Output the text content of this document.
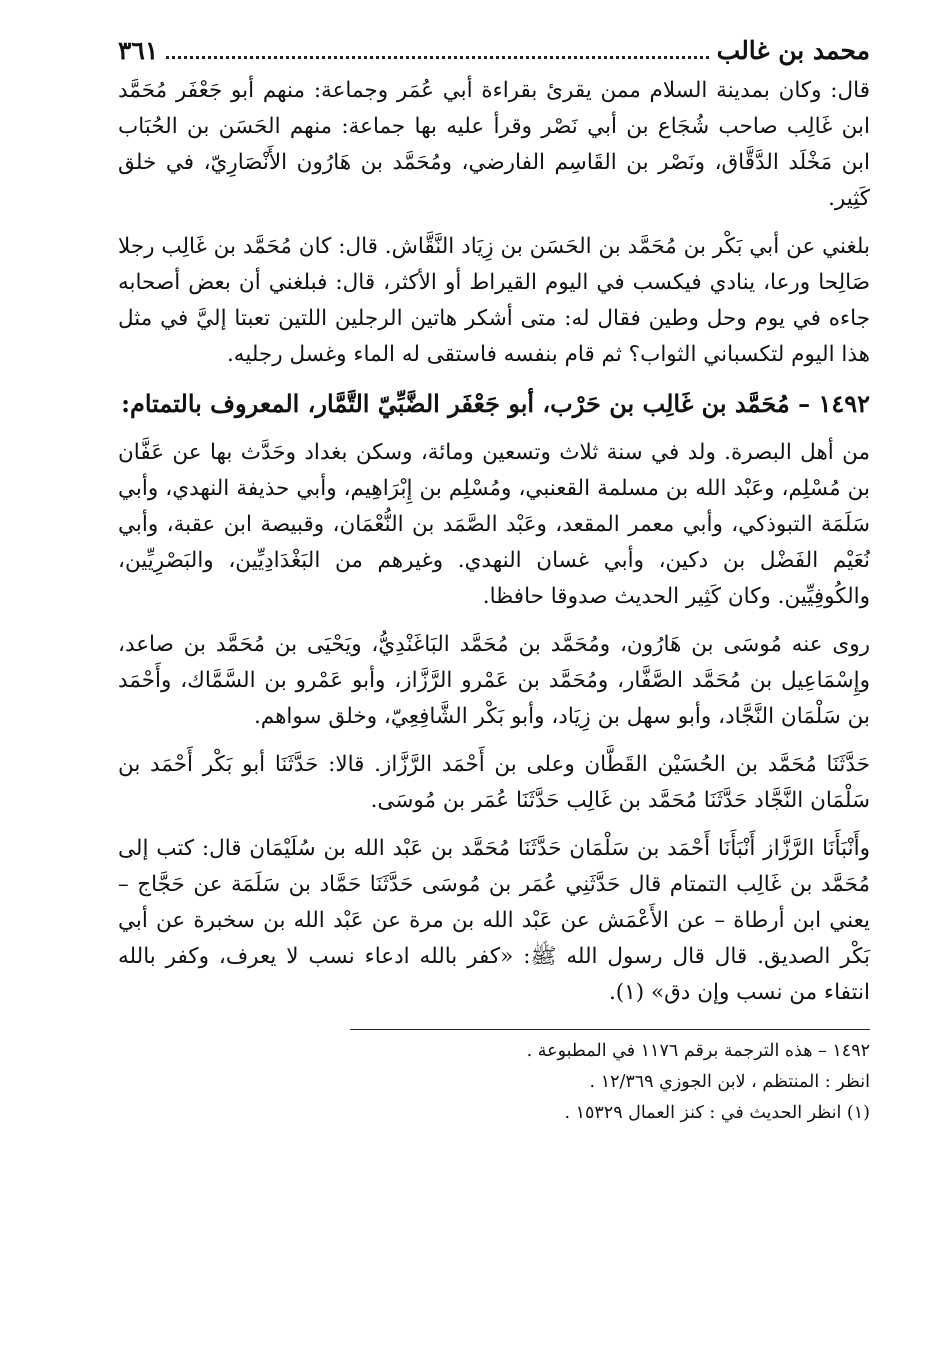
محمد بن غالب
٣٦١

قال: وكان بمدينة السلام ممن يقرئ بقراءة أبي عُمَر وجماعة: منهم أبو جَعْفَر مُحَمَّد ابن غَالِب صاحب شُجَاع بن أبي نَصْر وقرأ عليه بها جماعة: منهم الحَسَن بن الحُبَاب ابن مَخْلَد الدَّقَّاق، ونَصْر بن القَاسِم الفارضي، ومُحَمَّد بن هَارُون الأَنْصَارِيّ، في خلق كَثِير.

بلغني عن أبي بَكْر بن مُحَمَّد بن الحَسَن بن زِيَاد النَّقَّاش. قال: كان مُحَمَّد بن غَالِب رجلا صَالِحا ورعا، ينادي فيكسب في اليوم القيراط أو الأكثر، قال: فبلغني أن بعض أصحابه جاءه في يوم وحل وطين فقال له: متى أشكر هاتين الرجلين اللتين تعبتا إليَّ في مثل هذا اليوم لتكسباني الثواب؟ ثم قام بنفسه فاستقى له الماء وغسل رجليه.

١٤٩٢ – مُحَمَّد بن غَالِب بن حَرْب، أبو جَعْفَر الضَّبِّيّ التَّمَّار، المعروف بالتمتام:

من أهل البصرة. ولد في سنة ثلاث وتسعين ومائة، وسكن بغداد وحَدَّث بها عن عَفَّان بن مُسْلِم، وعَبْد الله بن مسلمة القعنبي، ومُسْلِم بن إِبْرَاهِيم، وأبي حذيفة النهدي، وأبي سَلَمَة التبوذكي، وأبي معمر المقعد، وعَبْد الصَّمَد بن النُّعْمَان، وقبيصة ابن عقبة، وأبي نُعَيْم الفَضْل بن دكين، وأبي غسان النهدي. وغيرهم من البَغْدَادِيِّين، والبَصْرِيِّين، والكُوفِيِّين. وكان كَثِير الحديث صدوقا حافظا.

روى عنه مُوسَى بن هَارُون، ومُحَمَّد بن مُحَمَّد البَاغَنْدِيُّ، ويَحْيَى بن مُحَمَّد بن صاعد، وإِسْمَاعِيل بن مُحَمَّد الصَّفَّار، ومُحَمَّد بن عَمْرو الرَّزَّاز، وأبو عَمْرو بن السَّمَّاك، وأَحْمَد بن سَلْمَان النَّجَّاد، وأبو سهل بن زِيَاد، وأبو بَكْر الشَّافِعِيّ، وخلق سواهم.

حَدَّثَنَا مُحَمَّد بن الحُسَيْن القَطَّان وعلى بن أَحْمَد الرَّزَّاز. قالا: حَدَّثَنَا أبو بَكْر أَحْمَد بن سَلْمَان النَّجَّاد حَدَّثَنَا مُحَمَّد بن غَالِب حَدَّثَنَا عُمَر بن مُوسَى.

وأَنْبَأَنَا الرَّزَّاز أَنْبَأَنَا أَحْمَد بن سَلْمَان حَدَّثَنَا مُحَمَّد بن عَبْد الله بن سُلَيْمَان قال: كتب إلى مُحَمَّد بن غَالِب التمتام قال حَدَّثَنِي عُمَر بن مُوسَى حَدَّثَنَا حَمَّاد بن سَلَمَة عن حَجَّاج – يعني ابن أرطاة – عن الأَعْمَش عن عَبْد الله بن مرة عن عَبْد الله بن سخبرة عن أبي بَكْر الصديق. قال قال رسول الله ﷺ: «كفر بالله ادعاء نسب لا يعرف، وكفر بالله انتفاء من نسب وإن دق» (١).

١٤٩٢ – هذه الترجمة برقم ١١٧٦ في المطبوعة .

انظر : المنتظم ، لابن الجوزي ١٢/٣٦٩ .

(١) انظر الحديث في : كنز العمال ١٥٣٢٩ .
